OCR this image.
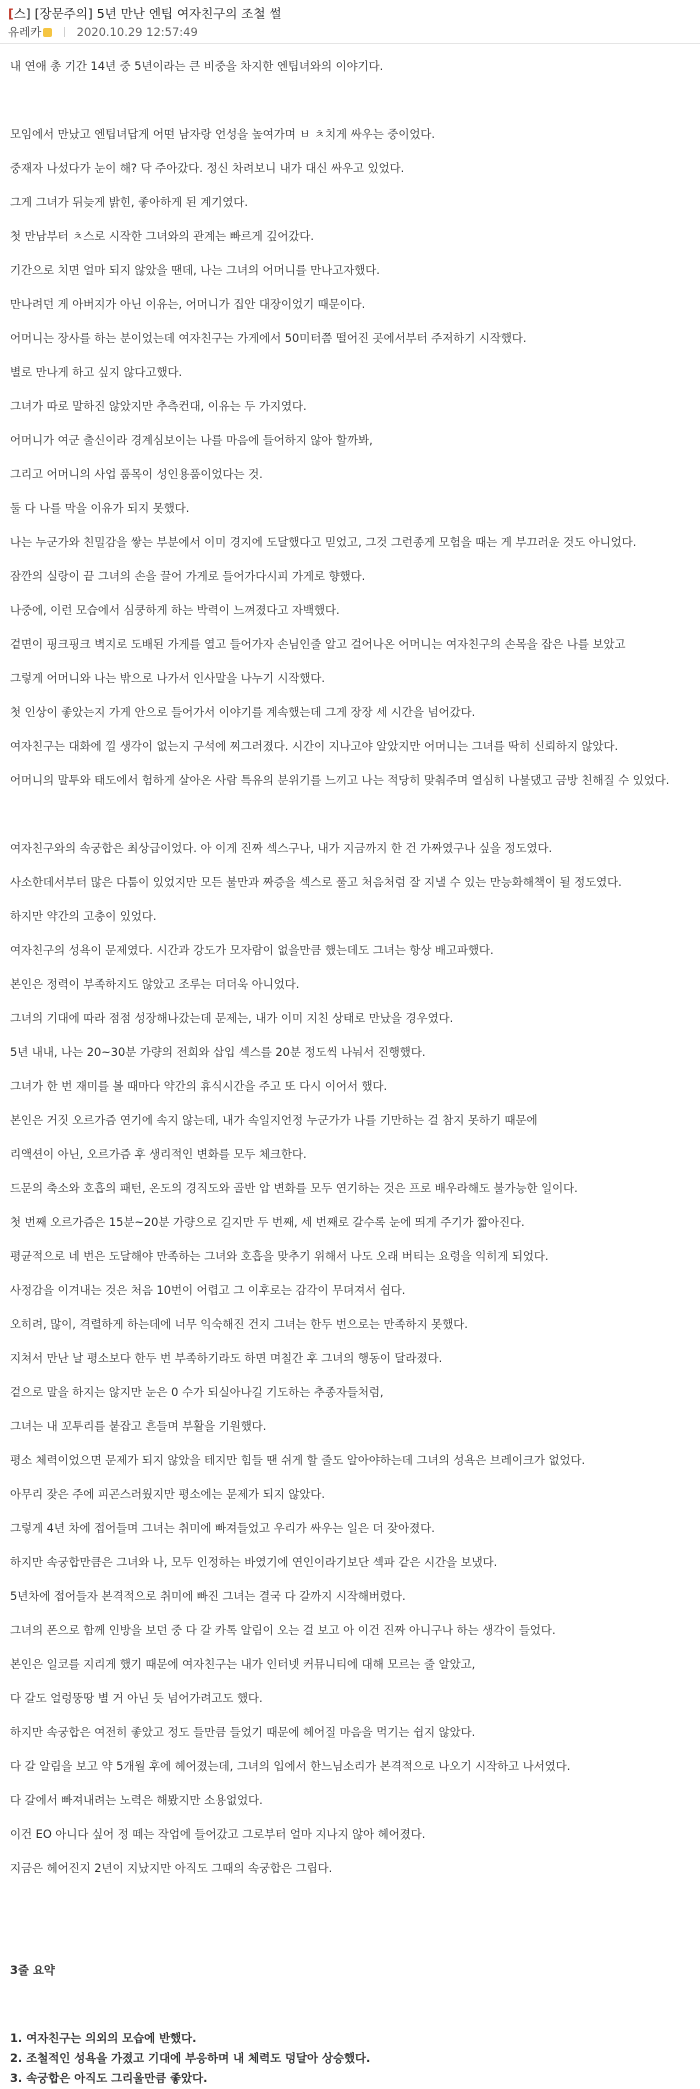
[스] [장문주의] 5년 만난 엔팁 여자친구의 조철 썰
유레카	2020.10.29 12:57:49

내 연애 총 기간 14년 중 5년이라는 큰 비중을 차지한 엔팁녀와의 이야기다.

모임에서 만났고 엔팁녀답게 어떤 남자랑 언성을 높여가며 ㅂ ㅊ치게 싸우는 중이었다.

중재자 나섰다가 눈이 해? 닥 주아갔다. 정신 차려보니 내가 대신 싸우고 있었다.

그게 그녀가 뒤늦게 밝힌, 좋아하게 된 계기였다.

첫 만남부터 ㅊ스로 시작한 그녀와의 관계는 빠르게 깊어갔다.

기간으로 치면 얼마 되지 않았을 땐데, 나는 그녀의 어머니를 만나고자했다.

만나려던 게 아버지가 아닌 이유는, 어머니가 집안 대장이었기 때문이다.

어머니는 장사를 하는 분이었는데 여자친구는 가게에서 50미터쯤 떨어진 곳에서부터 주저하기 시작했다.

별로 만나게 하고 싶지 않다고했다.

그녀가 따로 말하진 않았지만 추측컨대, 이유는 두 가지였다.

어머니가 여군 출신이라 경계심보이는 나를 마음에 들어하지 않아 할까봐,

그리고 어머니의 사업 품목이 성인용품이었다는 것.

둘 다 나를 막을 이유가 되지 못했다.

나는 누군가와 친밀감을 쌓는 부분에서 이미 경지에 도달했다고 믿었고, 그것 그런종게 모험을 때는 게 부끄러운 것도 아니었다.

잠깐의 실랑이 끝 그녀의 손을 끌어 가게로 들어가다시피 가게로 향했다.

나중에, 이런 모습에서 심쿵하게 하는 박력이 느껴졌다고 자백했다.

겉면이 핑크핑크 벽지로 도배된 가게를 열고 들어가자 손님인줄 알고 걸어나온 어머니는 여자친구의 손목을 잡은 나를 보았고

그렇게 어머니와 나는 밖으로 나가서 인사말을 나누기 시작했다.

첫 인상이 좋았는지 가게 안으로 들어가서 이야기를 계속했는데 그게 장장 세 시간을 넘어갔다.

여자친구는 대화에 낄 생각이 없는지 구석에 찌그러졌다. 시간이 지나고야 알았지만 어머니는 그녀를 딱히 신뢰하지 않았다.

어머니의 말투와 태도에서 험하게 살아온 사람 특유의 분위기를 느끼고 나는 적당히 맞춰주며 열심히 나불댔고 금방 친해질 수 있었다.

여자친구와의 속궁합은 최상급이었다. 아 이게 진짜 섹스구나, 내가 지금까지 한 건 가짜였구나 싶을 정도였다.

사소한데서부터 많은 다툼이 있었지만 모든 불만과 짜증을 섹스로 풀고 처음처럼 잘 지낼 수 있는 만능화해책이 될 정도였다.

하지만 약간의 고충이 있었다.

여자친구의 성욕이 문제였다. 시간과 강도가 모자람이 없을만큼 했는데도 그녀는 항상 배고파했다.

본인은 정력이 부족하지도 않았고 조루는 더더욱 아니었다.

그녀의 기대에 따라 점점 성장해나갔는데 문제는, 내가 이미 지친 상태로 만났을 경우였다.

5년 내내, 나는 20~30분 가량의 전희와 삽입 섹스를 20분 정도씩 나눠서 진행했다.

그녀가 한 번 재미를 볼 때마다 약간의 휴식시간을 주고 또 다시 이어서 했다.

본인은 거짓 오르가즘 연기에 속지 않는데, 내가 속일지언정 누군가가 나를 기만하는 걸 참지 못하기 때문에

리액션이 아닌, 오르가즘 후 생리적인 변화를 모두 체크한다.

드문의 축소와 호흡의 패턴, 온도의 경직도와 골반 압 변화를 모두 연기하는 것은 프로 배우라해도 불가능한 일이다.

첫 번째 오르가즘은 15분~20분 가량으로 길지만 두 번째, 세 번째로 갈수록 눈에 띄게 주기가 짧아진다.

평균적으로 네 번은 도달해야 만족하는 그녀와 호흡을 맞추기 위해서 나도 오래 버티는 요령을 익히게 되었다.

사정감을 이겨내는 것은 처음 10번이 어렵고 그 이후로는 감각이 무뎌져서 쉽다.

오히려, 많이, 격렬하게 하는데에 너무 익숙해진 건지 그녀는 한두 번으로는 만족하지 못했다.

지쳐서 만난 날 평소보다 한두 번 부족하기라도 하면 며칠간 후 그녀의 행동이 달라졌다.

겉으로 말을 하지는 않지만 눈은 0 수가 되실아나길 기도하는 추종자들처럼,

그녀는 내 꼬투리를 붙잡고 흔들며 부활을 기원했다.

평소 체력이었으면 문제가 되지 않았을 테지만 힘들 땐 쉬게 할 줄도 알아야하는데 그녀의 성욕은 브레이크가 없었다.

아무리 잦은 주에 피곤스러웠지만 평소에는 문제가 되지 않았다.

그렇게 4년 차에 접어들며 그녀는 취미에 빠져들었고 우리가 싸우는 일은 더 잦아졌다.

하지만 속궁합만큼은 그녀와 나, 모두 인정하는 바였기에 연인이라기보단 섹파 같은 시간을 보냈다.

5년차에 접어들자 본격적으로 취미에 빠진 그녀는 결국 다 갈까지 시작해버렸다.

그녀의 폰으로 함께 인방을 보던 중 다 갈 카톡 알림이 오는 걸 보고 아 이건 진짜 아니구나 하는 생각이 들었다.

본인은 일코를 지리게 했기 때문에 여자친구는 내가 인터넷 커뮤니티에 대해 모르는 줄 알았고,

다 갈도 얼렁뚱땅 별 거 아닌 듯 넘어가려고도 했다.

하지만 속궁합은 여전히 좋았고 정도 들만큼 들었기 때문에 헤어질 마음을 먹기는 쉽지 않았다.

다 갈 알림을 보고 약 5개월 후에 헤어졌는데, 그녀의 입에서 한느님소리가 본격적으로 나오기 시작하고 나서였다.

다 갈에서 빠져내려는 노력은 해봤지만 소용없었다.

이건 EO 아니다 싶어 정 떼는 작업에 들어갔고 그로부터 얼마 지나지 않아 헤어졌다.

지금은 헤어진지 2년이 지났지만 아직도 그때의 속궁합은 그립다.

3줄 요약

1. 여자친구는 의외의 모습에 반했다.

2. 조철적인 성욕을 가졌고 기대에 부응하며 내 체력도 덩달아 상승했다.

3. 속궁합은 아직도 그리울만큼 좋았다.
